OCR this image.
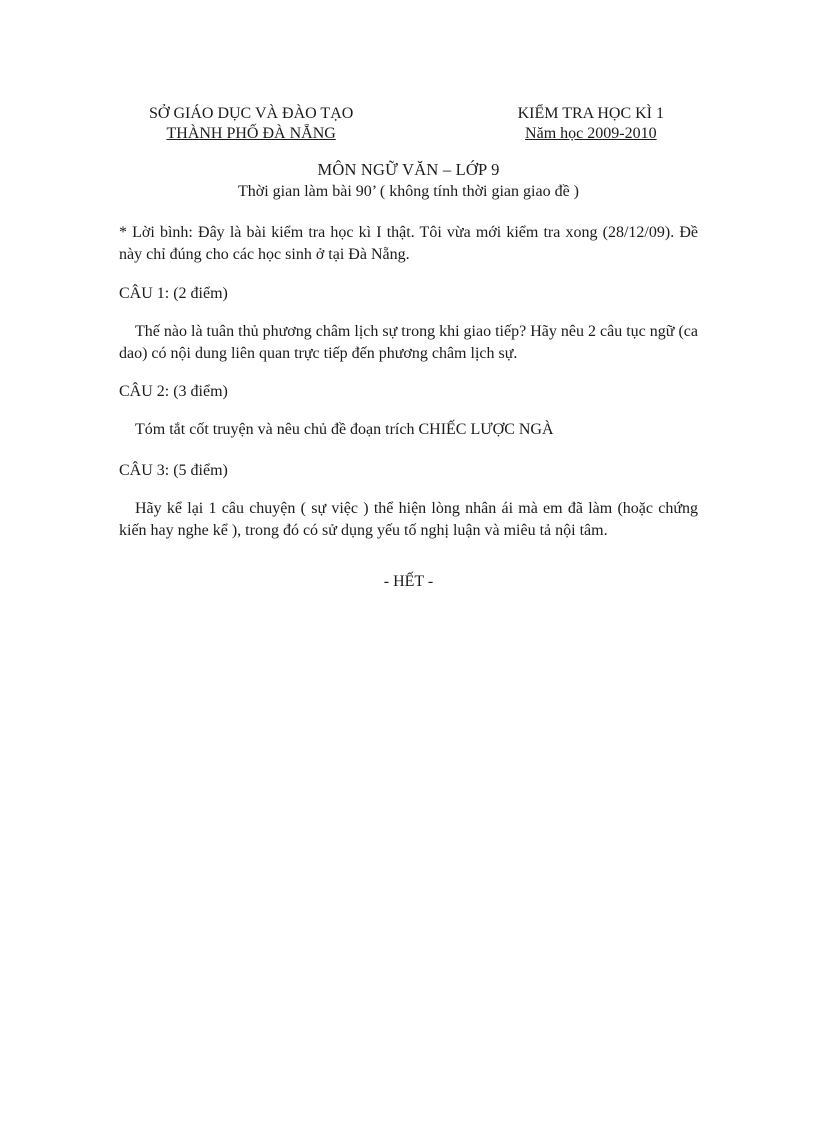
SỞ GIÁO DỤC VÀ ĐÀO TẠO
THÀNH PHỐ ĐÀ NẴNG
KIỂM TRA HỌC KÌ 1
Năm học 2009-2010
MÔN NGỮ VĂN – LỚP 9
Thời gian làm bài 90’ ( không tính thời gian giao đề )

* Lời bình: Đây là bài kiểm tra học kì I thật. Tôi vừa mới kiểm tra xong (28/12/09). Đề này chỉ đúng cho các học sinh ở tại Đà Nẵng.

CÂU 1: (2 điểm)

Thế nào là tuân thủ phương châm lịch sự trong khi giao tiếp? Hãy nêu 2 câu tục ngữ (ca dao) có nội dung liên quan trực tiếp đến phương châm lịch sự.

CÂU 2: (3 điểm)

Tóm tắt cốt truyện và nêu chủ đề đoạn trích CHIẾC LƯỢC NGÀ

CÂU 3: (5 điểm)

Hãy kể lại 1 câu chuyện ( sự việc ) thể hiện lòng nhân ái mà em đã làm (hoặc chứng kiến hay nghe kể ), trong đó có sử dụng yếu tố nghị luận và miêu tả nội tâm.

- HẾT -
